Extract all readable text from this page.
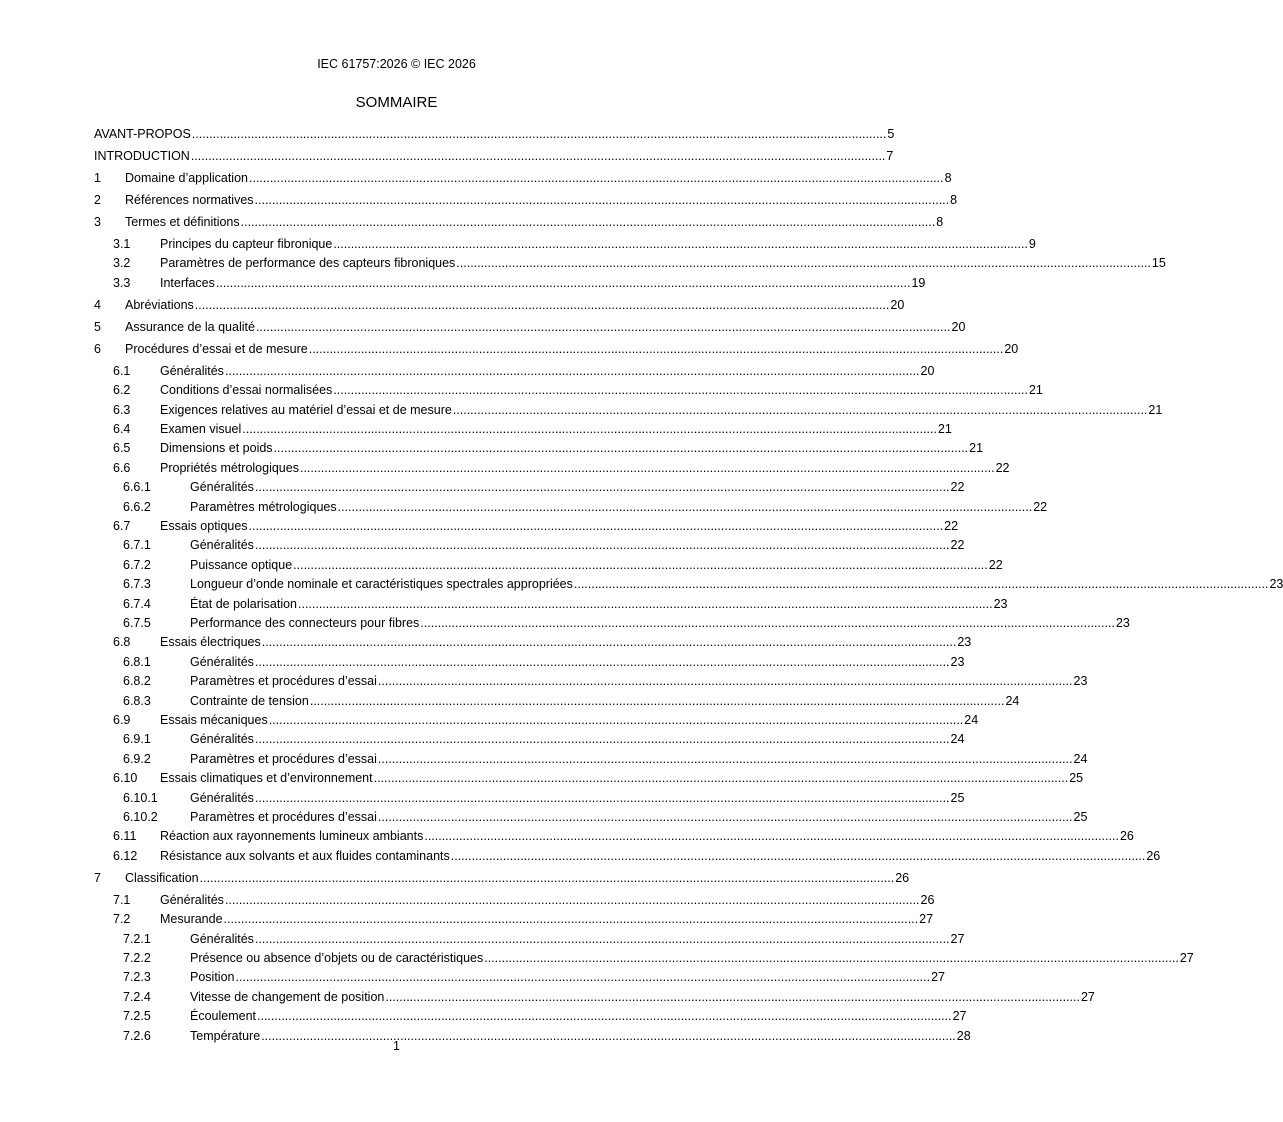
IEC 61757:2026 © IEC 2026
SOMMAIRE
AVANT-PROPOS ........................................................................................................................................................................................................ 5
INTRODUCTION ........................................................................................................................................................................................................ 7
1 Domaine d’application ........................................................................................................................................................................................................ 8
2 Références normatives ........................................................................................................................................................................................................ 8
3 Termes et définitions ........................................................................................................................................................................................................ 8
3.1 Principes du capteur fibronique ........................................................................................................................................................................................................ 9
3.2 Paramètres de performance des capteurs fibroniques ........................................................................................................................................................................................................ 15
3.3 Interfaces ........................................................................................................................................................................................................ 19
4 Abréviations ........................................................................................................................................................................................................ 20
5 Assurance de la qualité ........................................................................................................................................................................................................ 20
6 Procédures d’essai et de mesure ........................................................................................................................................................................................................ 20
6.1 Généralités ........................................................................................................................................................................................................ 20
6.2 Conditions d’essai normalisées ........................................................................................................................................................................................................ 21
6.3 Exigences relatives au matériel d’essai et de mesure ........................................................................................................................................................................................................ 21
6.4 Examen visuel ........................................................................................................................................................................................................ 21
6.5 Dimensions et poids ........................................................................................................................................................................................................ 21
6.6 Propriétés métrologiques ........................................................................................................................................................................................................ 22
6.6.1	Généralités ........................................................................................................................................................................................................ 22
6.6.2	Paramètres métrologiques ........................................................................................................................................................................................................ 22
6.7 Essais optiques ........................................................................................................................................................................................................ 22
6.7.1	Généralités ........................................................................................................................................................................................................ 22
6.7.2	Puissance optique ........................................................................................................................................................................................................ 22
6.7.3	Longueur d’onde nominale et caractéristiques spectrales appropriées ........................................................................................................................................................................................................ 23
6.7.4	État de polarisation ........................................................................................................................................................................................................ 23
6.7.5	Performance des connecteurs pour fibres ........................................................................................................................................................................................................ 23
6.8 Essais électriques ........................................................................................................................................................................................................ 23
6.8.1	Généralités ........................................................................................................................................................................................................ 23
6.8.2	Paramètres et procédures d’essai ........................................................................................................................................................................................................ 23
6.8.3	Contrainte de tension ........................................................................................................................................................................................................ 24
6.9 Essais mécaniques ........................................................................................................................................................................................................ 24
6.9.1	Généralités ........................................................................................................................................................................................................ 24
6.9.2	Paramètres et procédures d’essai ........................................................................................................................................................................................................ 24
6.10 Essais climatiques et d’environnement ........................................................................................................................................................................................................ 25
6.10.1	Généralités ........................................................................................................................................................................................................ 25
6.10.2	Paramètres et procédures d’essai ........................................................................................................................................................................................................ 25
6.11 Réaction aux rayonnements lumineux ambiants ........................................................................................................................................................................................................ 26
6.12 Résistance aux solvants et aux fluides contaminants ........................................................................................................................................................................................................ 26
7 Classification ........................................................................................................................................................................................................ 26
7.1 Généralités ........................................................................................................................................................................................................ 26
7.2 Mesurande ........................................................................................................................................................................................................ 27
7.2.1	Généralités ........................................................................................................................................................................................................ 27
7.2.2	Présence ou absence d’objets ou de caractéristiques ........................................................................................................................................................................................................ 27
7.2.3	Position ........................................................................................................................................................................................................ 27
7.2.4	Vitesse de changement de position ........................................................................................................................................................................................................ 27
7.2.5	Écoulement ........................................................................................................................................................................................................ 27
7.2.6	Température ........................................................................................................................................................................................................ 28
1
